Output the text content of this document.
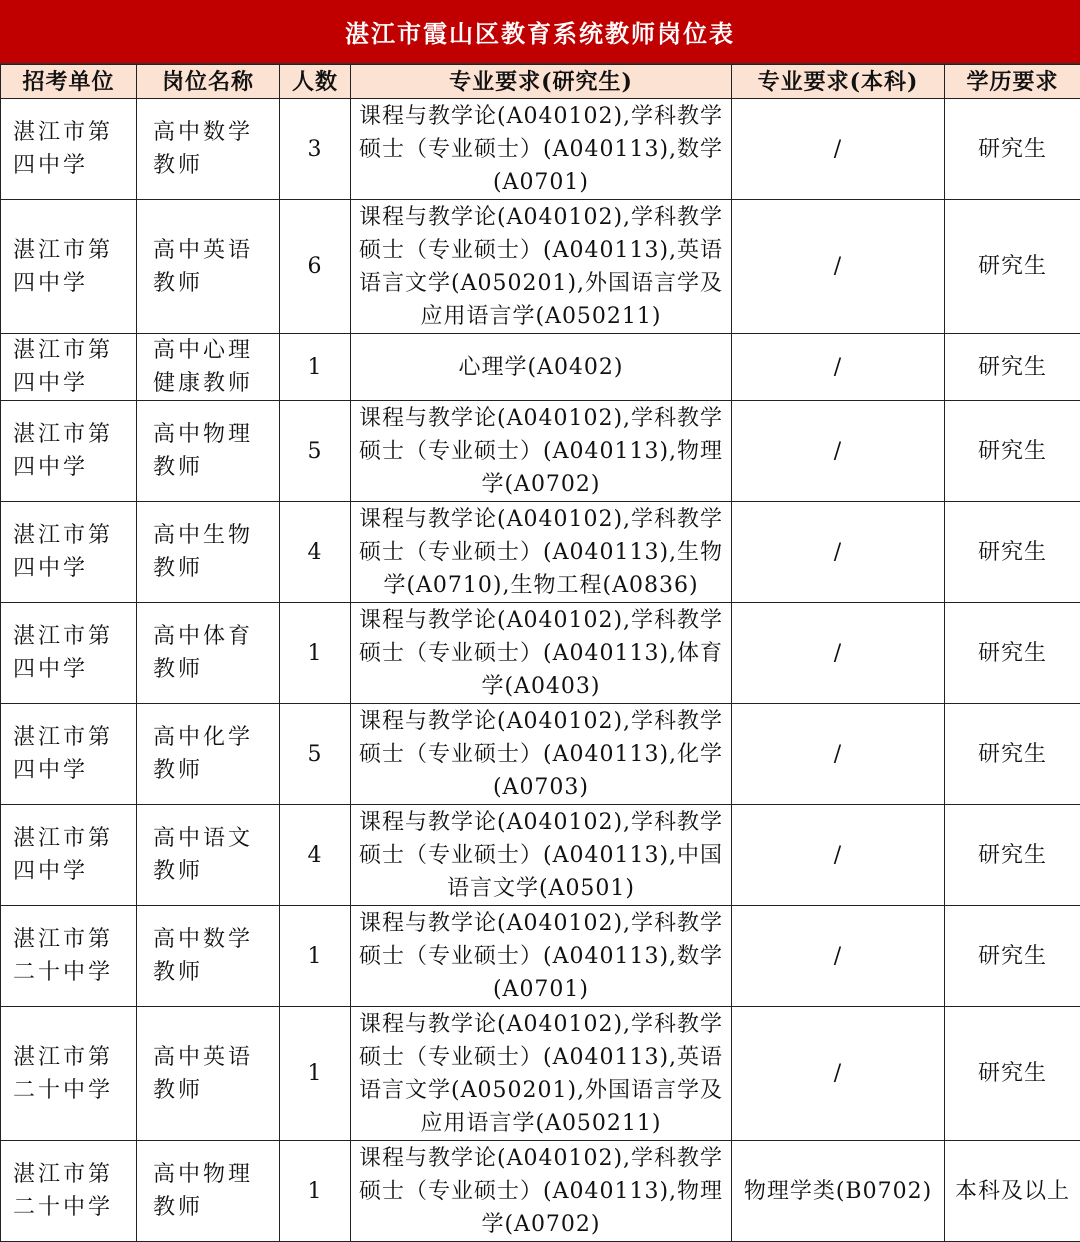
湛江市霞山区教育系统教师岗位表
招考单位	岗位名称	人数	专业要求(研究生)	专业要求(本科)	学历要求
湛江市第四中学	高中数学教师	3	课程与教学论(A040102),学科教学硕士（专业硕士）(A040113),数学(A0701)	/	研究生
湛江市第四中学	高中英语教师	6	课程与教学论(A040102),学科教学硕士（专业硕士）(A040113),英语语言文学(A050201),外国语言学及应用语言学(A050211)	/	研究生
湛江市第四中学	高中心理健康教师	1	心理学(A0402)	/	研究生
湛江市第四中学	高中物理教师	5	课程与教学论(A040102),学科教学硕士（专业硕士）(A040113),物理学(A0702)	/	研究生
湛江市第四中学	高中生物教师	4	课程与教学论(A040102),学科教学硕士（专业硕士）(A040113),生物学(A0710),生物工程(A0836)	/	研究生
湛江市第四中学	高中体育教师	1	课程与教学论(A040102),学科教学硕士（专业硕士）(A040113),体育学(A0403)	/	研究生
湛江市第四中学	高中化学教师	5	课程与教学论(A040102),学科教学硕士（专业硕士）(A040113),化学(A0703)	/	研究生
湛江市第四中学	高中语文教师	4	课程与教学论(A040102),学科教学硕士（专业硕士）(A040113),中国语言文学(A0501)	/	研究生
湛江市第二十中学	高中数学教师	1	课程与教学论(A040102),学科教学硕士（专业硕士）(A040113),数学(A0701)	/	研究生
湛江市第二十中学	高中英语教师	1	课程与教学论(A040102),学科教学硕士（专业硕士）(A040113),英语语言文学(A050201),外国语言学及应用语言学(A050211)	/	研究生
湛江市第二十中学	高中物理教师	1	课程与教学论(A040102),学科教学硕士（专业硕士）(A040113),物理学(A0702)	物理学类(B0702)	本科及以上
